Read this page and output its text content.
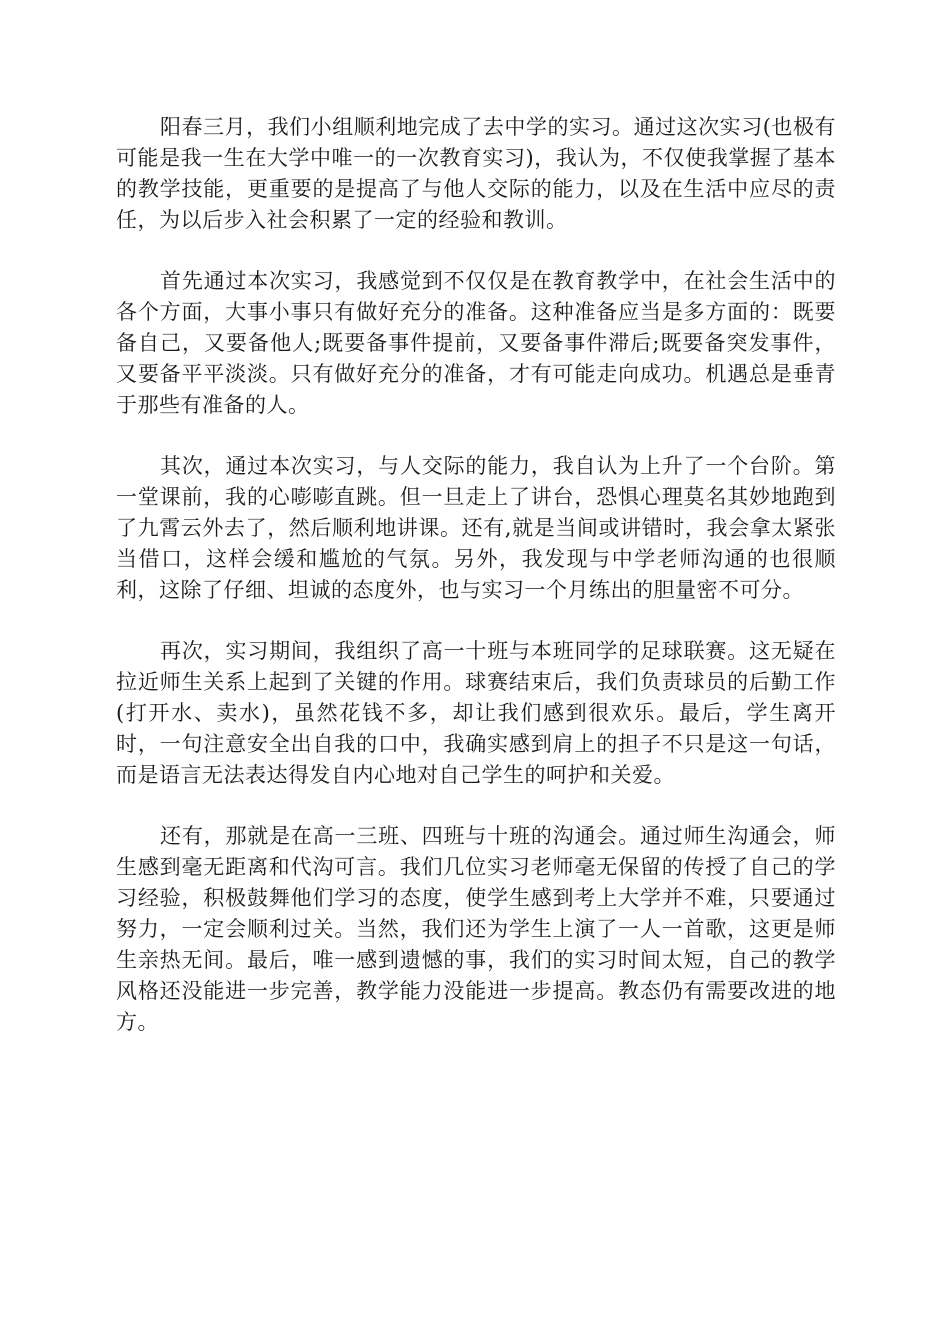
阳春三月，我们小组顺利地完成了去中学的实习。通过这次实习(也极有可能是我一生在大学中唯一的一次教育实习)，我认为，不仅使我掌握了基本的教学技能，更重要的是提高了与他人交际的能力，以及在生活中应尽的责任，为以后步入社会积累了一定的经验和教训。

首先通过本次实习，我感觉到不仅仅是在教育教学中，在社会生活中的各个方面，大事小事只有做好充分的准备。这种准备应当是多方面的：既要备自己，又要备他人;既要备事件提前，又要备事件滞后;既要备突发事件，又要备平平淡淡。只有做好充分的准备，才有可能走向成功。机遇总是垂青于那些有准备的人。

其次，通过本次实习，与人交际的能力，我自认为上升了一个台阶。第一堂课前，我的心嘭嘭直跳。但一旦走上了讲台，恐惧心理莫名其妙地跑到了九霄云外去了，然后顺利地讲课。还有,就是当间或讲错时，我会拿太紧张当借口，这样会缓和尴尬的气氛。另外，我发现与中学老师沟通的也很顺利，这除了仔细、坦诚的态度外，也与实习一个月练出的胆量密不可分。

再次，实习期间，我组织了高一十班与本班同学的足球联赛。这无疑在拉近师生关系上起到了关键的作用。球赛结束后，我们负责球员的后勤工作(打开水、卖水)，虽然花钱不多，却让我们感到很欢乐。最后，学生离开时，一句注意安全出自我的口中，我确实感到肩上的担子不只是这一句话，而是语言无法表达得发自内心地对自己学生的呵护和关爱。

还有，那就是在高一三班、四班与十班的沟通会。通过师生沟通会，师生感到毫无距离和代沟可言。我们几位实习老师毫无保留的传授了自己的学习经验，积极鼓舞他们学习的态度，使学生感到考上大学并不难，只要通过努力，一定会顺利过关。当然，我们还为学生上演了一人一首歌，这更是师生亲热无间。最后，唯一感到遗憾的事，我们的实习时间太短，自己的教学风格还没能进一步完善，教学能力没能进一步提高。教态仍有需要改进的地方。
